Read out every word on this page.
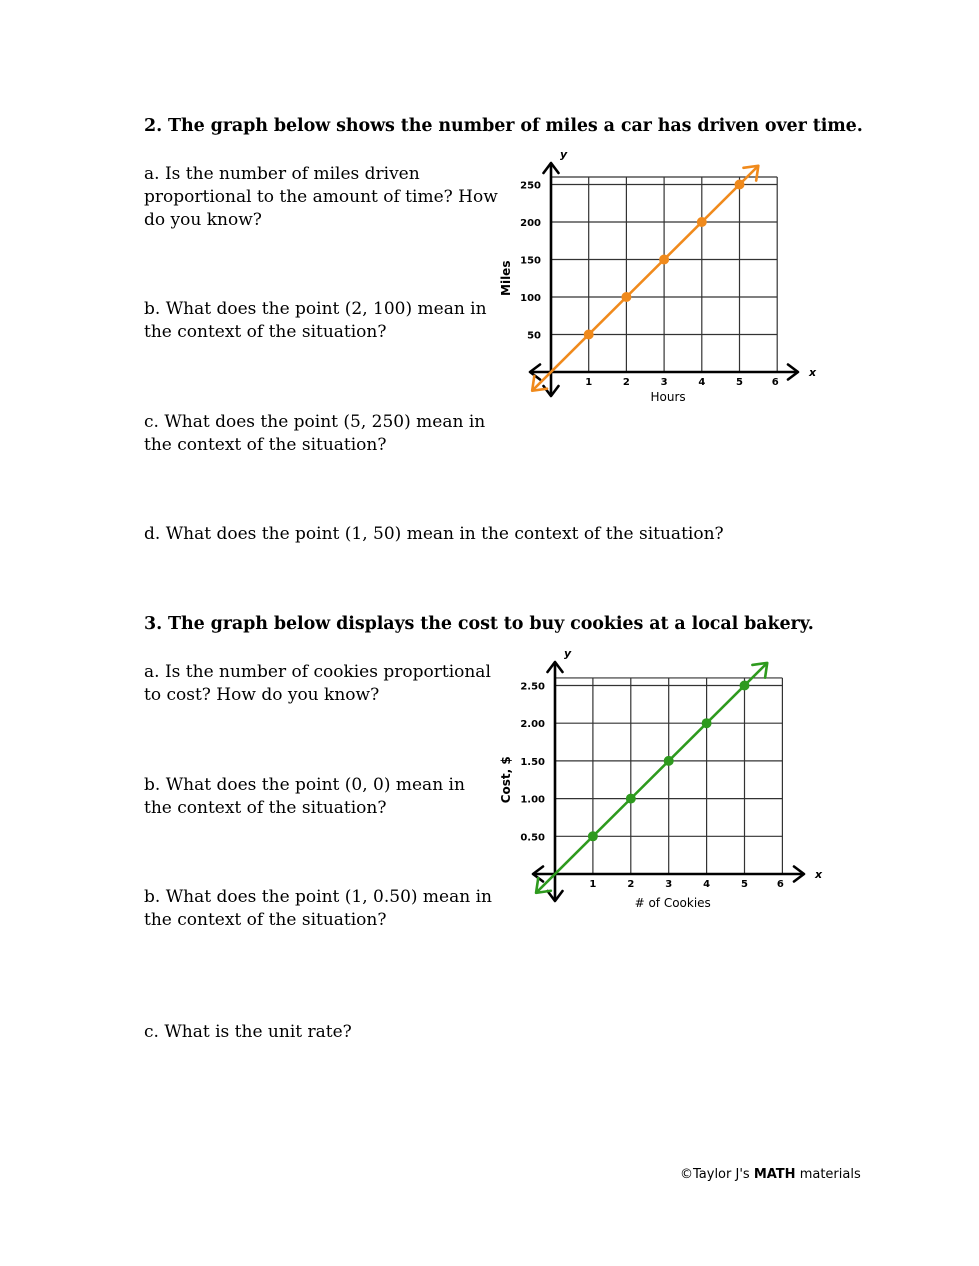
2. The graph below shows the number of miles a car has driven over time.
a. Is the number of miles driven
proportional to the amount of time? How
do you know?
b. What does the point (2, 100) mean in
the context of the situation?
c. What does the point (5, 250) mean in
the context of the situation?
d. What does the point (1, 50) mean in the context of the situation?
x
y
1	2	3	4	5	6
50
100
150
200
250
Hours
Miles
3. The graph below displays the cost to buy cookies at a local bakery.
a. Is the number of cookies proportional
to cost? How do you know?
b. What does the point (0, 0) mean in
the context of the situation?
b. What does the point (1, 0.50) mean in
the context of the situation?
c. What is the unit rate?
x
y
1	2	3	4	5	6
0.50
1.00
1.50
2.00
2.50
# of Cookies
Cost, $
©Taylor J's MATH materials
